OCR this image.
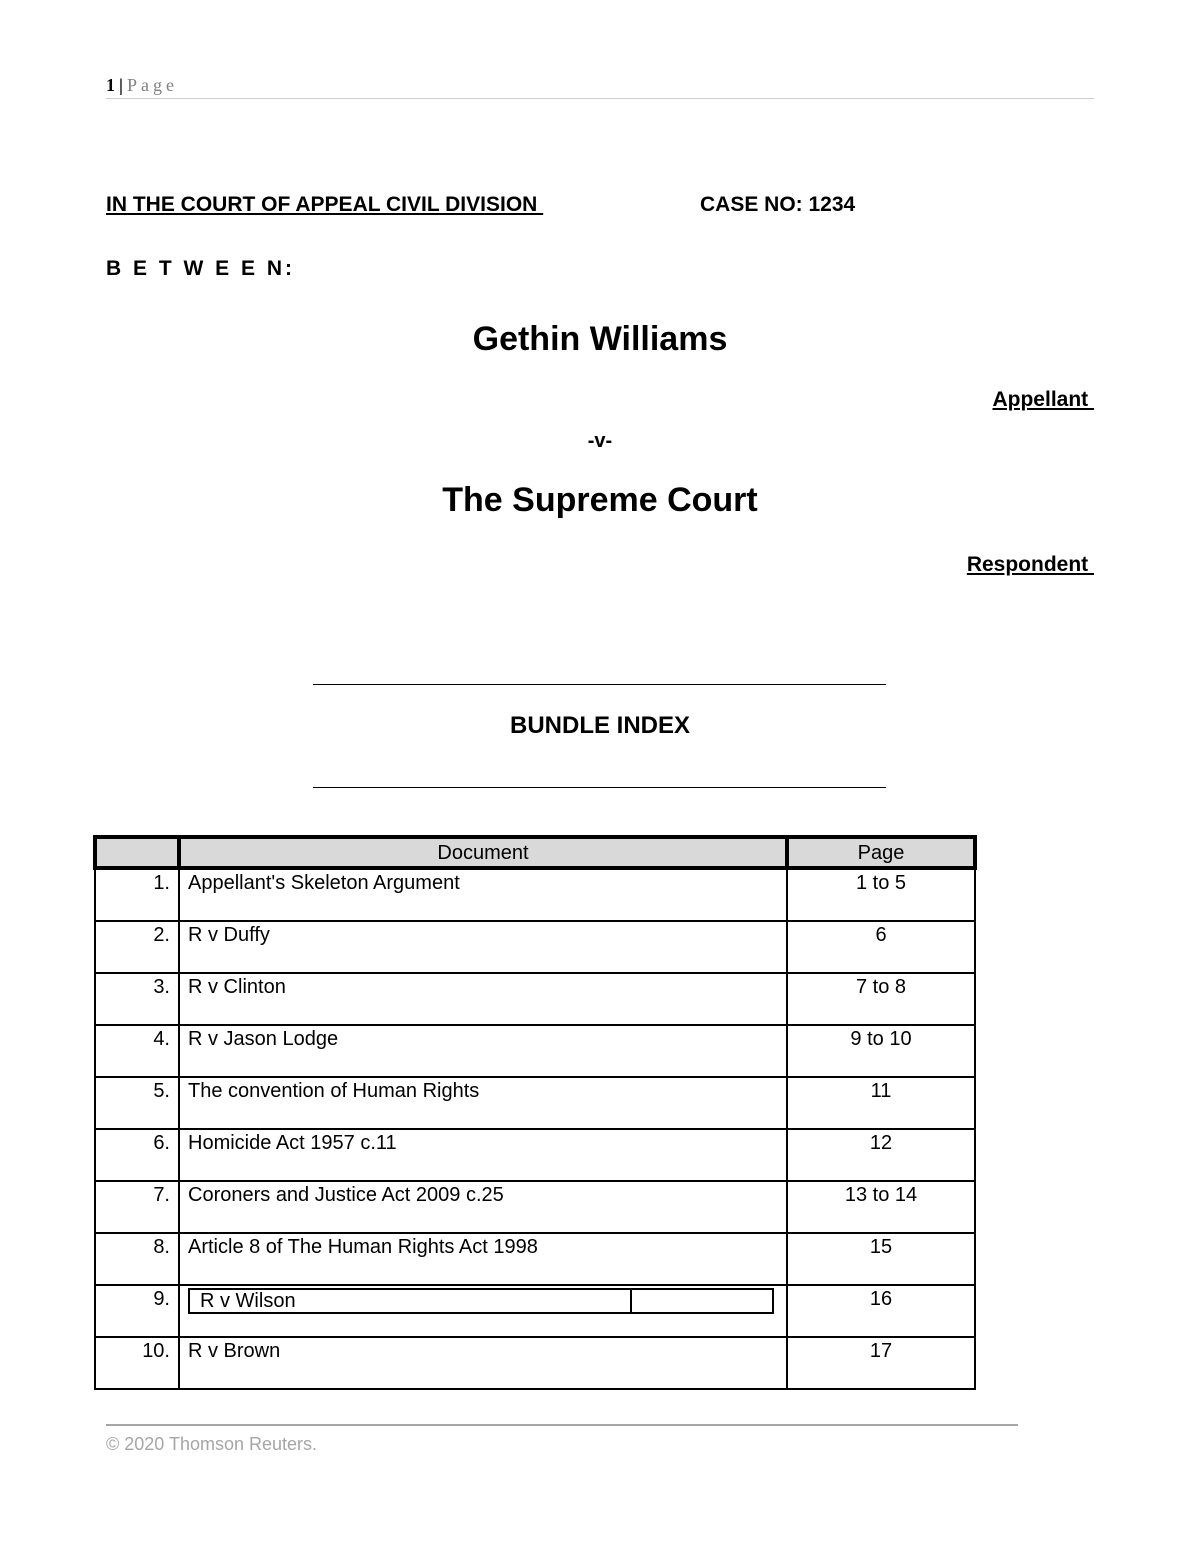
1 | Page
IN THE COURT OF APPEAL CIVIL DIVISION	CASE NO: 1234
B E T W E E N:
Gethin Williams
Appellant
-v-
The Supreme Court
Respondent
BUNDLE INDEX
	Document	Page
1.	Appellant's Skeleton Argument	1 to 5
2.	R v Duffy	6
3.	R v Clinton	7 to 8
4.	R v Jason Lodge	9 to 10
5.	The convention of Human Rights	11
6.	Homicide Act 1957 c.11	12
7.	Coroners and Justice Act 2009 c.25	13 to 14
8.	Article 8 of The Human Rights Act 1998	15
9.	R v Wilson	16
10.	R v Brown	17
© 2020 Thomson Reuters.
